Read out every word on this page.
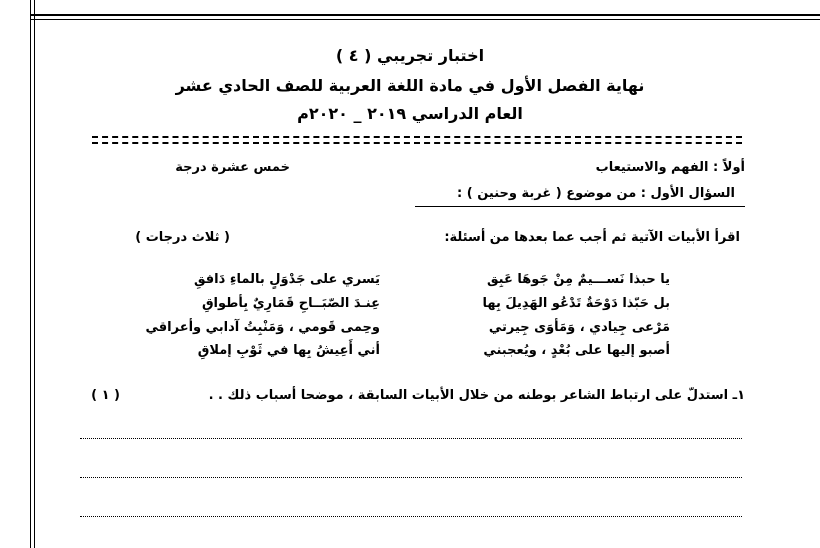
اختبار تجريبي ( ٤ )
نهاية الفصل الأول في مادة اللغة العربية للصف الحادي عشر
العام الدراسي ٢٠١٩ _ ٢٠٢٠م
أولاً : الفهم والاستيعاب
خمس عشرة درجة
السؤال الأول : من موضوع ( غربة وحنين ) :
اقرأ الأبيات الآتية ثم أجب عما بعدها من أسئلة:
( ثلاث درجات )
يا حبذا نَســـيمٌ مِنْ جَوهَا عَبِق
يَسري على جَدْوَلٍ بالماءِ دَافقِ
بل حَبّذا دَوْحَةٌ تَدْعُو الهَدِيلَ بِها
عِنـدَ الصّبَــاحِ قَمَارِيٌ بِأطواقِ
مَرْعى جِيادي ، وَمَأوَى جِيرتي
وحِمى قَومي ، وَمَنْبِتُ آدابي وأعراقي
أصبو إليها على بُعْدٍ ، ويُعجبني
أني أَعِيشُ بِها في ثَوْبِ إملاقِ
١ـ استدلّ على ارتباط الشاعر بوطنه من خلال الأبيات السابقة ، موضحا أسباب ذلك . .
( ١ )
